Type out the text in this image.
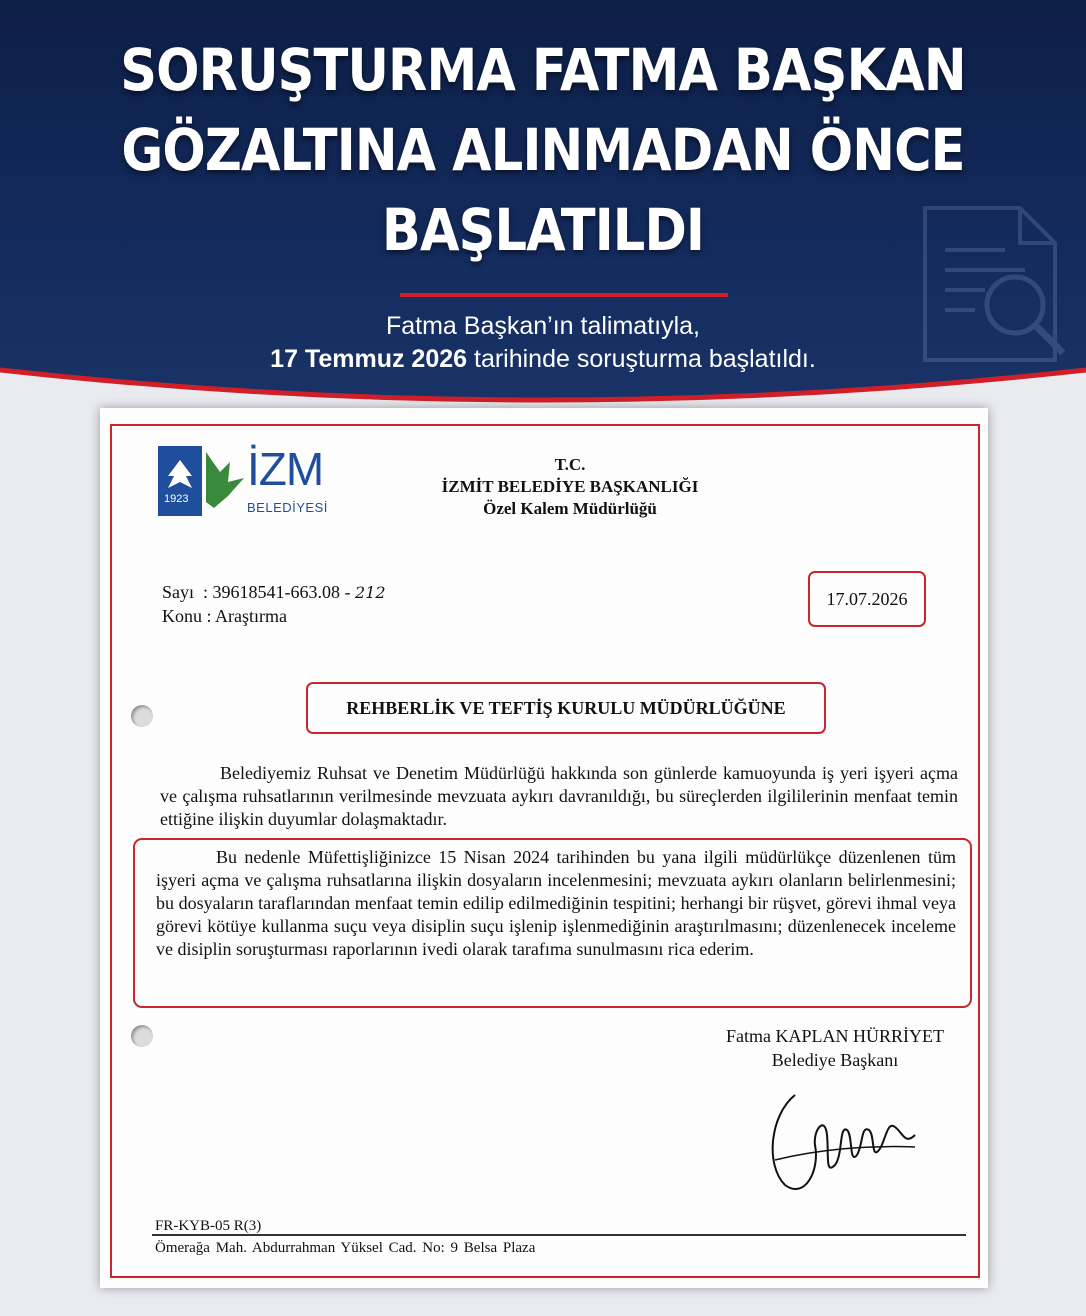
SORUŞTURMA FATMA BAŞKAN
GÖZALTINA ALINMADAN ÖNCE
BAŞLATILDI
Fatma Başkan’ın talimatıyla,
17 Temmuz 2026 tarihinde soruşturma başlatıldı.
1923
İZM
BELEDİYESİ
T.C.
İZMİT BELEDİYE BAŞKANLIĞI
Özel Kalem Müdürlüğü
Sayı : 39618541-663.08 - 212
Konu : Araştırma
17.07.2026
REHBERLİK VE TEFTİŞ KURULU MÜDÜRLÜĞÜNE
Belediyemiz Ruhsat ve Denetim Müdürlüğü hakkında son günlerde kamuoyunda iş yeri işyeri açma ve çalışma ruhsatlarının verilmesinde mevzuata aykırı davranıldığı, bu süreçlerden ilgililerinin menfaat temin ettiğine ilişkin duyumlar dolaşmaktadır.
Bu nedenle Müfettişliğinizce 15 Nisan 2024 tarihinden bu yana ilgili müdürlükçe düzenlenen tüm işyeri açma ve çalışma ruhsatlarına ilişkin dosyaların incelenmesini; mevzuata aykırı olanların belirlenmesini; bu dosyaların taraflarından menfaat temin edilip edilmediğinin tespitini; herhangi bir rüşvet, görevi ihmal veya görevi kötüye kullanma suçu veya disiplin suçu işlenip işlenmediğinin araştırılmasını; düzenlenecek inceleme ve disiplin soruşturması raporlarının ivedi olarak tarafıma sunulmasını rica ederim.
Fatma KAPLAN HÜRRİYET
Belediye Başkanı
FR-KYB-05 R(3)
Ömerağa Mah. Abdurrahman Yüksel Cad. No: 9 Belsa Plaza
